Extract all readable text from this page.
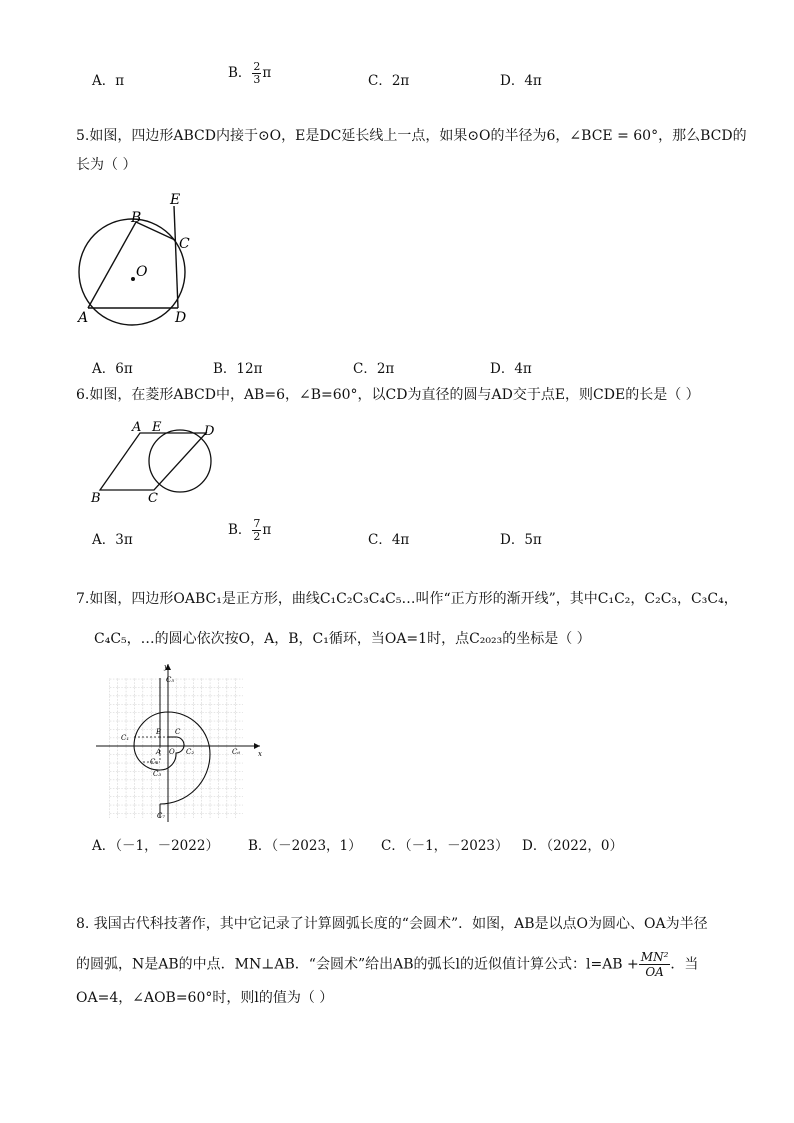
A．π	B． $\frac{2}{3}$ π	C．2π	D．4π
5.如图，四边形ABCD内接于⊙O，E是DC延长线上一点，如果⊙O的半径为6，∠BCE = 60°，那么BCD的
长为（ ）
A
B
C
D
E
O
A．6π	B．12π	C．2π	D．4π
6.如图，在菱形ABCD中，AB=6，∠B=60°，以CD为直径的圆与AD交于点E，则CDE的长是（ ）
B
A E	D
C
A．3π
B． $\frac{7}{2}$ π
C．4π	D．5π
7.如图，四边形OABC₁是正方形，曲线C₁C₂C₃C₄C₅…叫作“正方形的渐开线”，其中C₁C₂，C₂C₃，C₃C₄，
C₄C₅，…的圆心依次按O，A，B，C₁循环，当OA=1时，点C₂₀₂₃的坐标是（ ）
y
x
O
A
B C
C₁
C₂
C₃
C₄
C₅
C₆
C₇
A．（－1，－2022） B．（－2023，1） C．（－1，－2023） D．（2022，0）
8. 我国古代科技著作，其中它记录了计算圆弧长度的“会圆术”．如图，AB是以点O为圆心、OA为半径
的圆弧，N是AB的中点．MN⊥AB．“会圆术”给出AB的弧长l的近似值计算公式：$l=AB + \frac{\text{MN²}}{OA}$．当
OA=4，∠AOB=60°时，则l的值为（ ）
